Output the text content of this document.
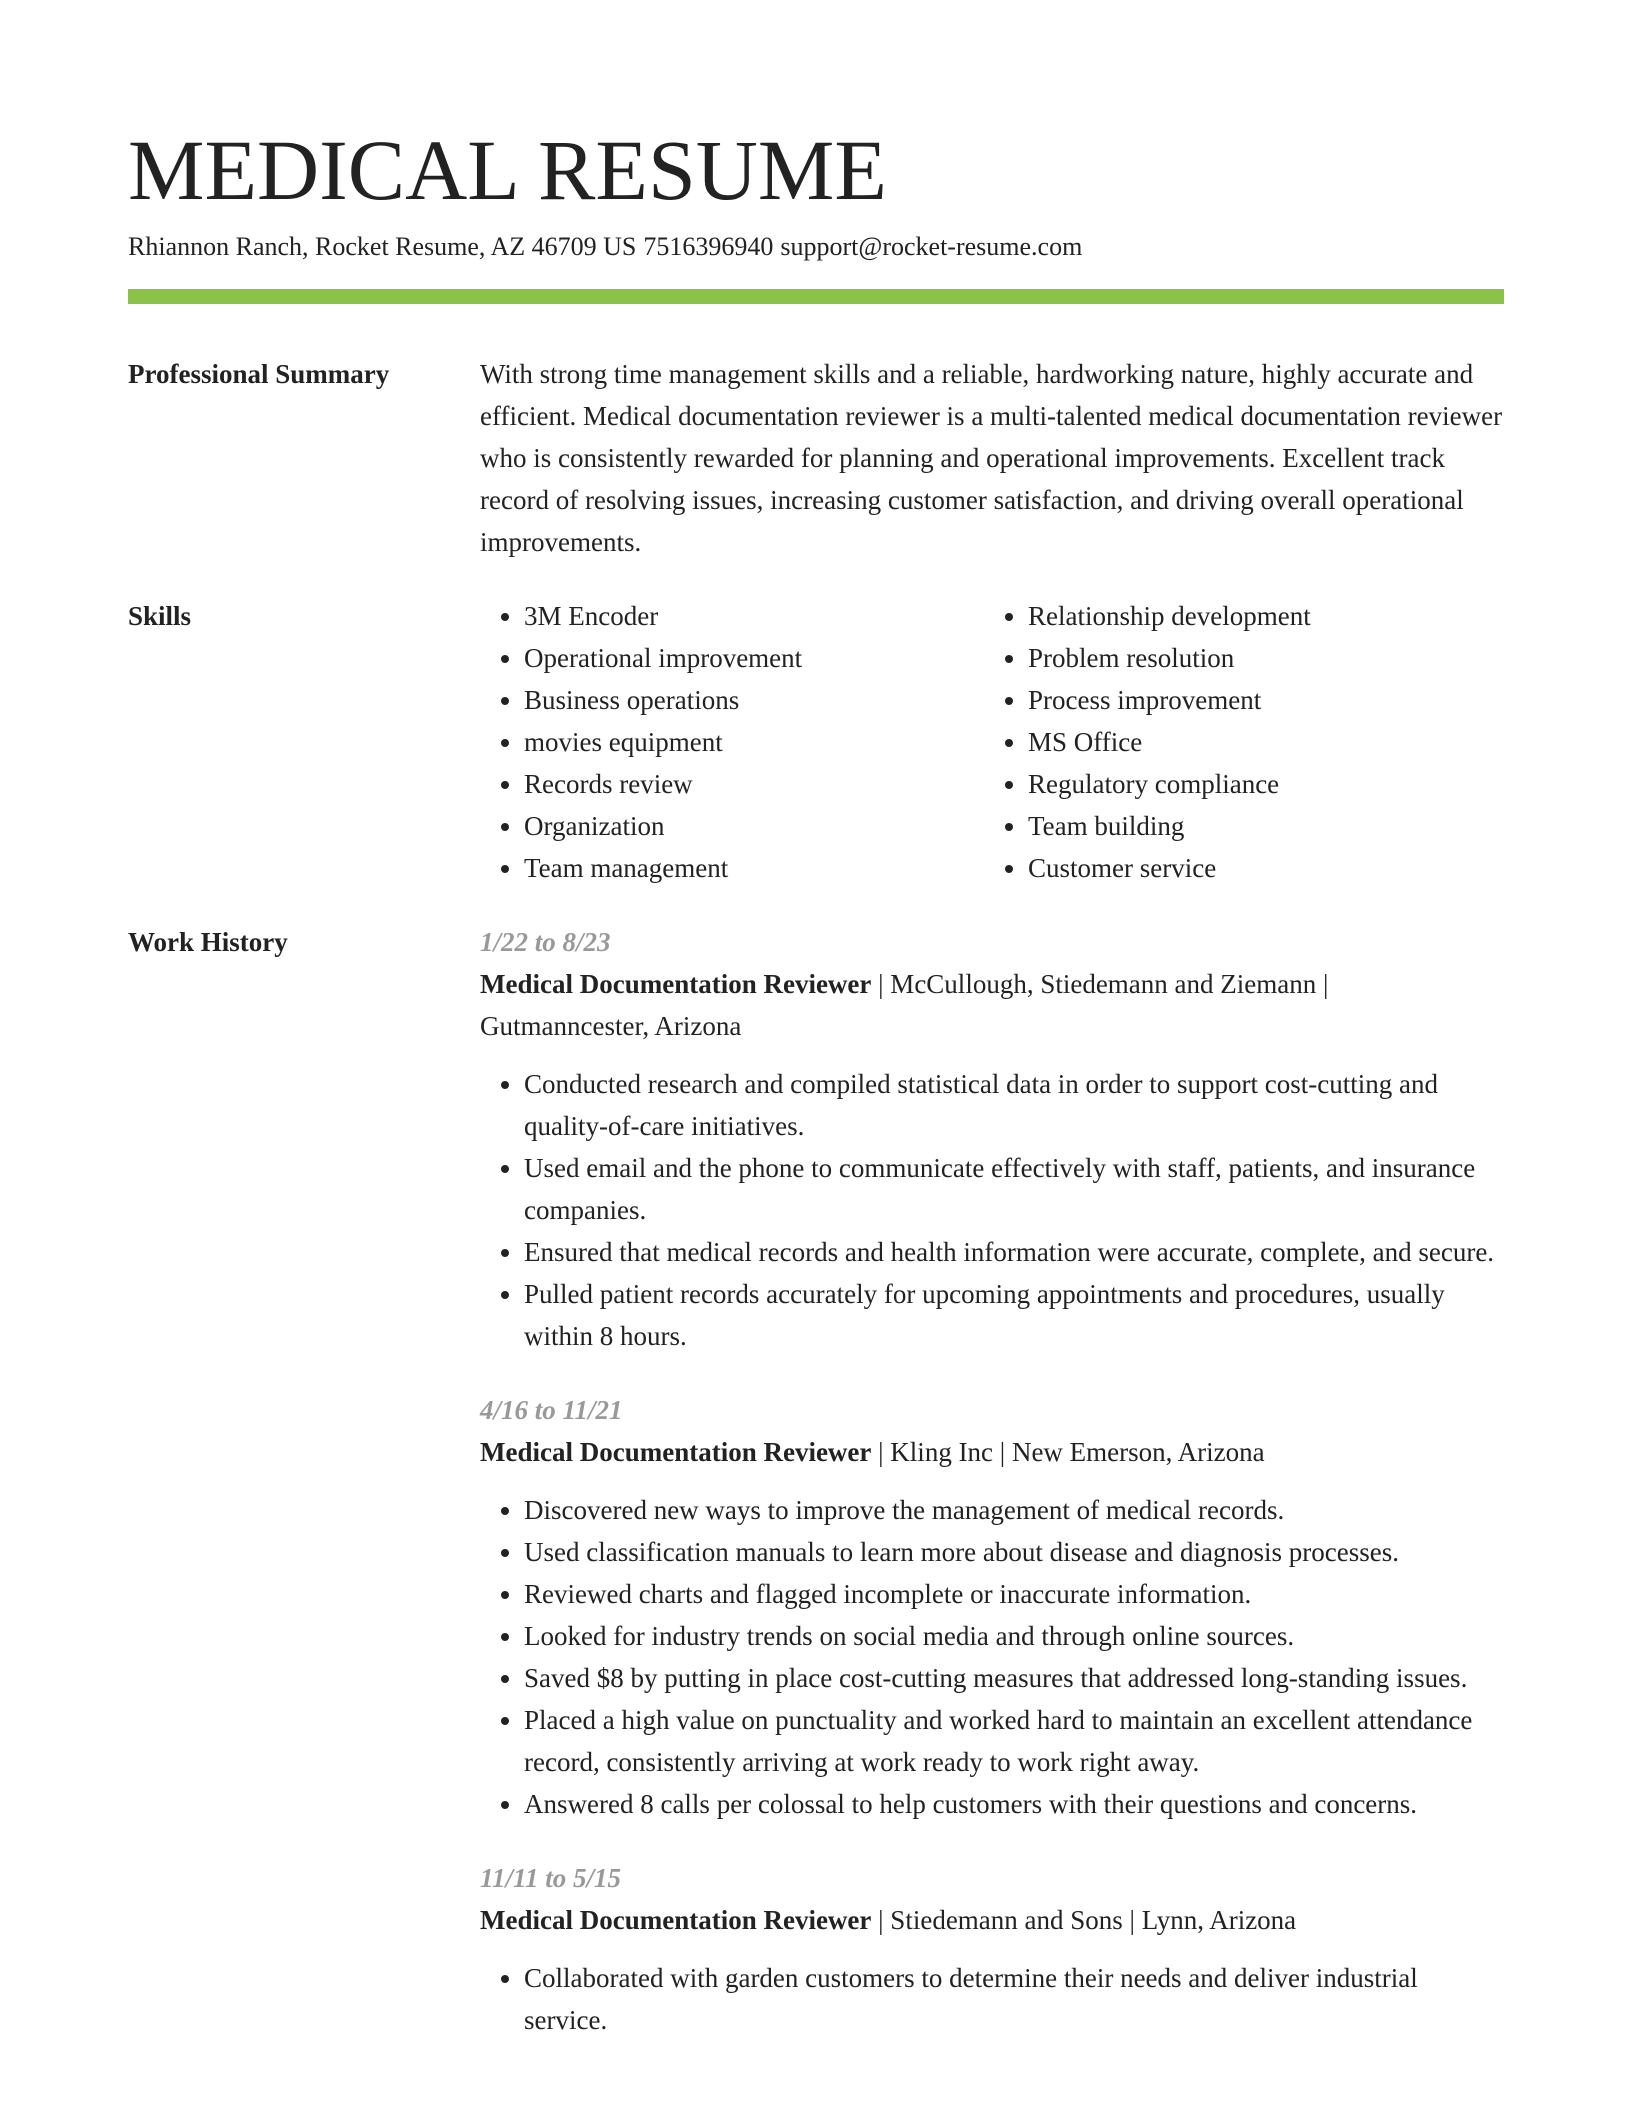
MEDICAL RESUME
Rhiannon Ranch, Rocket Resume, AZ 46709 US 7516396940 support@rocket-resume.com
Professional Summary	With strong time management skills and a reliable, hardworking nature, highly accurate and efficient. Medical documentation reviewer is a multi-talented medical documentation reviewer who is consistently rewarded for planning and operational improvements. Excellent track record of resolving issues, increasing customer satisfaction, and driving overall operational improvements.
Skills
•	3M Encoder
• Operational improvement
• Business operations
• movies equipment
• Records review
• Organization
• Team management
• Relationship development
• Problem resolution
• Process improvement
• MS Office
• Regulatory compliance
• Team building
• Customer service
Work History	1/22 to 8/23
Medical Documentation Reviewer | McCullough, Stiedemann and Ziemann | Gutmanncester, Arizona
• Conducted research and compiled statistical data in order to support cost-cutting and quality-of-care initiatives.
• Used email and the phone to communicate effectively with staff, patients, and insurance companies.
• Ensured that medical records and health information were accurate, complete, and secure.
• Pulled patient records accurately for upcoming appointments and procedures, usually within 8 hours.
4/16 to 11/21
Medical Documentation Reviewer | Kling Inc | New Emerson, Arizona
• Discovered new ways to improve the management of medical records.
• Used classification manuals to learn more about disease and diagnosis processes.
• Reviewed charts and flagged incomplete or inaccurate information.
• Looked for industry trends on social media and through online sources.
• Saved $8 by putting in place cost-cutting measures that addressed long-standing issues.
• Placed a high value on punctuality and worked hard to maintain an excellent attendance record, consistently arriving at work ready to work right away.
• Answered 8 calls per colossal to help customers with their questions and concerns.
11/11 to 5/15
Medical Documentation Reviewer | Stiedemann and Sons | Lynn, Arizona
• Collaborated with garden customers to determine their needs and deliver industrial service.
